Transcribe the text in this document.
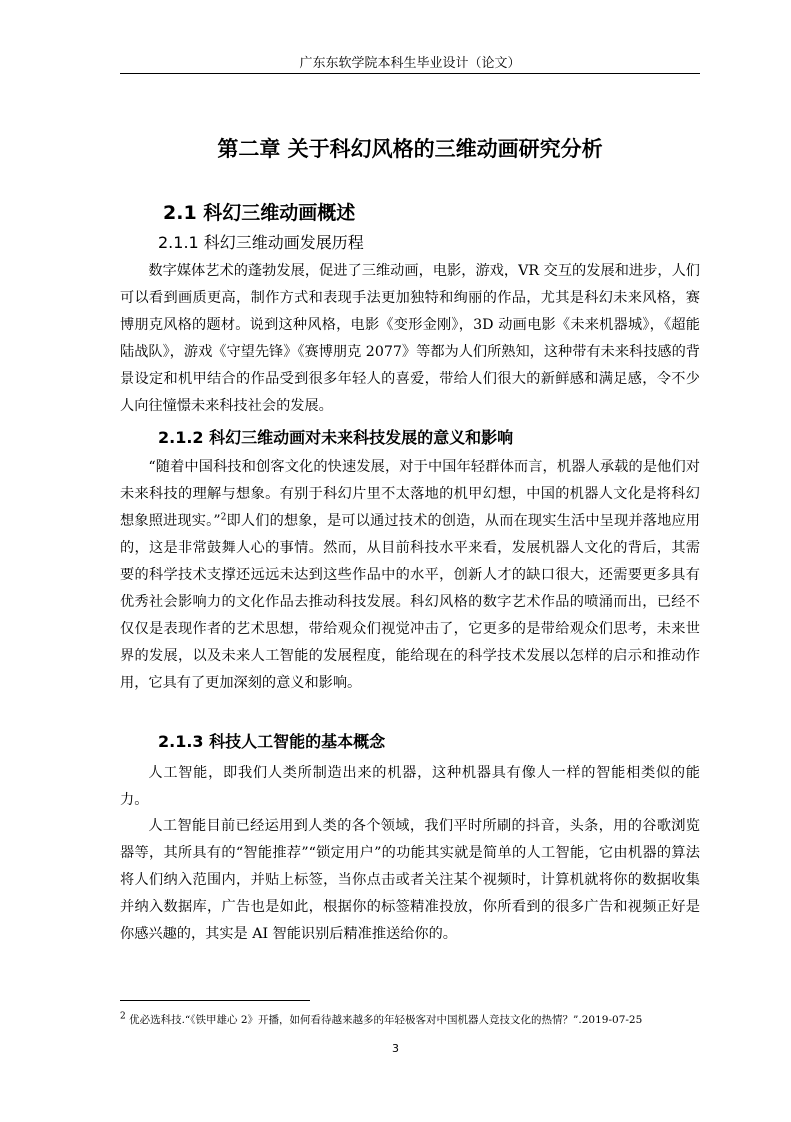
广东东软学院本科生毕业设计（论文）
第二章 关于科幻风格的三维动画研究分析
2.1 科幻三维动画概述
2.1.1 科幻三维动画发展历程

数字媒体艺术的蓬勃发展，促进了三维动画，电影，游戏，VR 交互的发展和进步，人们可以看到画质更高，制作方式和表现手法更加独特和绚丽的作品，尤其是科幻未来风格，赛博朋克风格的题材。说到这种风格，电影《变形金刚》，3D 动画电影《未来机器城》，《超能陆战队》，游戏《守望先锋》《赛博朋克 2077》等都为人们所熟知，这种带有未来科技感的背景设定和机甲结合的作品受到很多年轻人的喜爱，带给人们很大的新鲜感和满足感，令不少人向往憧憬未来科技社会的发展。

2.1.2 科幻三维动画对未来科技发展的意义和影响

“随着中国科技和创客文化的快速发展，对于中国年轻群体而言，机器人承载的是他们对未来科技的理解与想象。有别于科幻片里不太落地的机甲幻想，中国的机器人文化是将科幻想象照进现实。”$^2$即人们的想象，是可以通过技术的创造，从而在现实生活中呈现并落地应用的，这是非常鼓舞人心的事情。然而，从目前科技水平来看，发展机器人文化的背后，其需要的科学技术支撑还远远未达到这些作品中的水平，创新人才的缺口很大，还需要更多具有优秀社会影响力的文化作品去推动科技发展。科幻风格的数字艺术作品的喷涌而出，已经不仅仅是表现作者的艺术思想，带给观众们视觉冲击了，它更多的是带给观众们思考，未来世界的发展，以及未来人工智能的发展程度，能给现在的科学技术发展以怎样的启示和推动作用，它具有了更加深刻的意义和影响。

2.1.3 科技人工智能的基本概念

人工智能，即我们人类所制造出来的机器，这种机器具有像人一样的智能相类似的能力。

人工智能目前已经运用到人类的各个领域，我们平时所刷的抖音，头条，用的谷歌浏览器等，其所具有的“智能推荐”“锁定用户”的功能其实就是简单的人工智能，它由机器的算法将人们纳入范围内，并贴上标签，当你点击或者关注某个视频时，计算机就将你的数据收集并纳入数据库，广告也是如此，根据你的标签精准投放，你所看到的很多广告和视频正好是你感兴趣的，其实是 AI 智能识别后精准推送给你的。

2 优必选科技.“《铁甲雄心 2》开播，如何看待越来越多的年轻极客对中国机器人竞技文化的热情？”.2019-07-25
3
